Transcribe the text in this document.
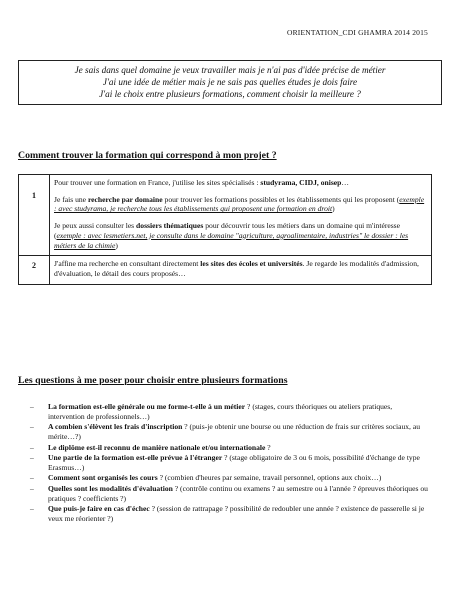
ORIENTATION_CDI GHAMRA 2014 2015
Je sais dans quel domaine je veux travailler mais je n'ai pas d'idée précise de métier
J'ai une idée de métier mais je ne sais pas quelles études je dois faire
J'ai le choix entre plusieurs formations, comment choisir la meilleure ?
Comment trouver la formation qui correspond à mon projet ?
1	Pour trouver une formation en France, j'utilise les sites spécialisés : studyrama, CIDJ, onisep…

Je fais une recherche par domaine pour trouver les formations possibles et les établissements qui les proposent (exemple : avec studyrama, je recherche tous les établissements qui proposent une formation en droit)

Je peux aussi consulter les dossiers thématiques pour découvrir tous les métiers dans un domaine qui m'intéresse (exemple : avec lesmetiers.net, je consulte dans le domaine "agriculture, agroalimentaire, industries" le dossier : les métiers de la chimie)

2	J'affine ma recherche en consultant directement les sites des écoles et universités. Je regarde les modalités d'admission, d'évaluation, le détail des cours proposés…

Les questions à me poser pour choisir entre plusieurs formations
– La formation est-elle générale ou me forme-t-elle à un métier ? (stages, cours théoriques ou ateliers pratiques, intervention de professionnels…)
– A combien s'élèvent les frais d'inscription ? (puis-je obtenir une bourse ou une réduction de frais sur critères sociaux, au mérite…?)
– Le diplôme est-il reconnu de manière nationale et/ou internationale ?
– Une partie de la formation est-elle prévue à l'étranger ? (stage obligatoire de 3 ou 6 mois, possibilité d'échange de type Erasmus…)
– Comment sont organisés les cours ? (combien d'heures par semaine, travail personnel, options aux choix…)
– Quelles sont les modalités d'évaluation ? (contrôle continu ou examens ? au semestre ou à l'année ? épreuves théoriques ou pratiques ? coefficients ?)
– Que puis-je faire en cas d'échec ? (session de rattrapage ? possibilité de redoubler une année ? existence de passerelle si je veux me réorienter ?)
